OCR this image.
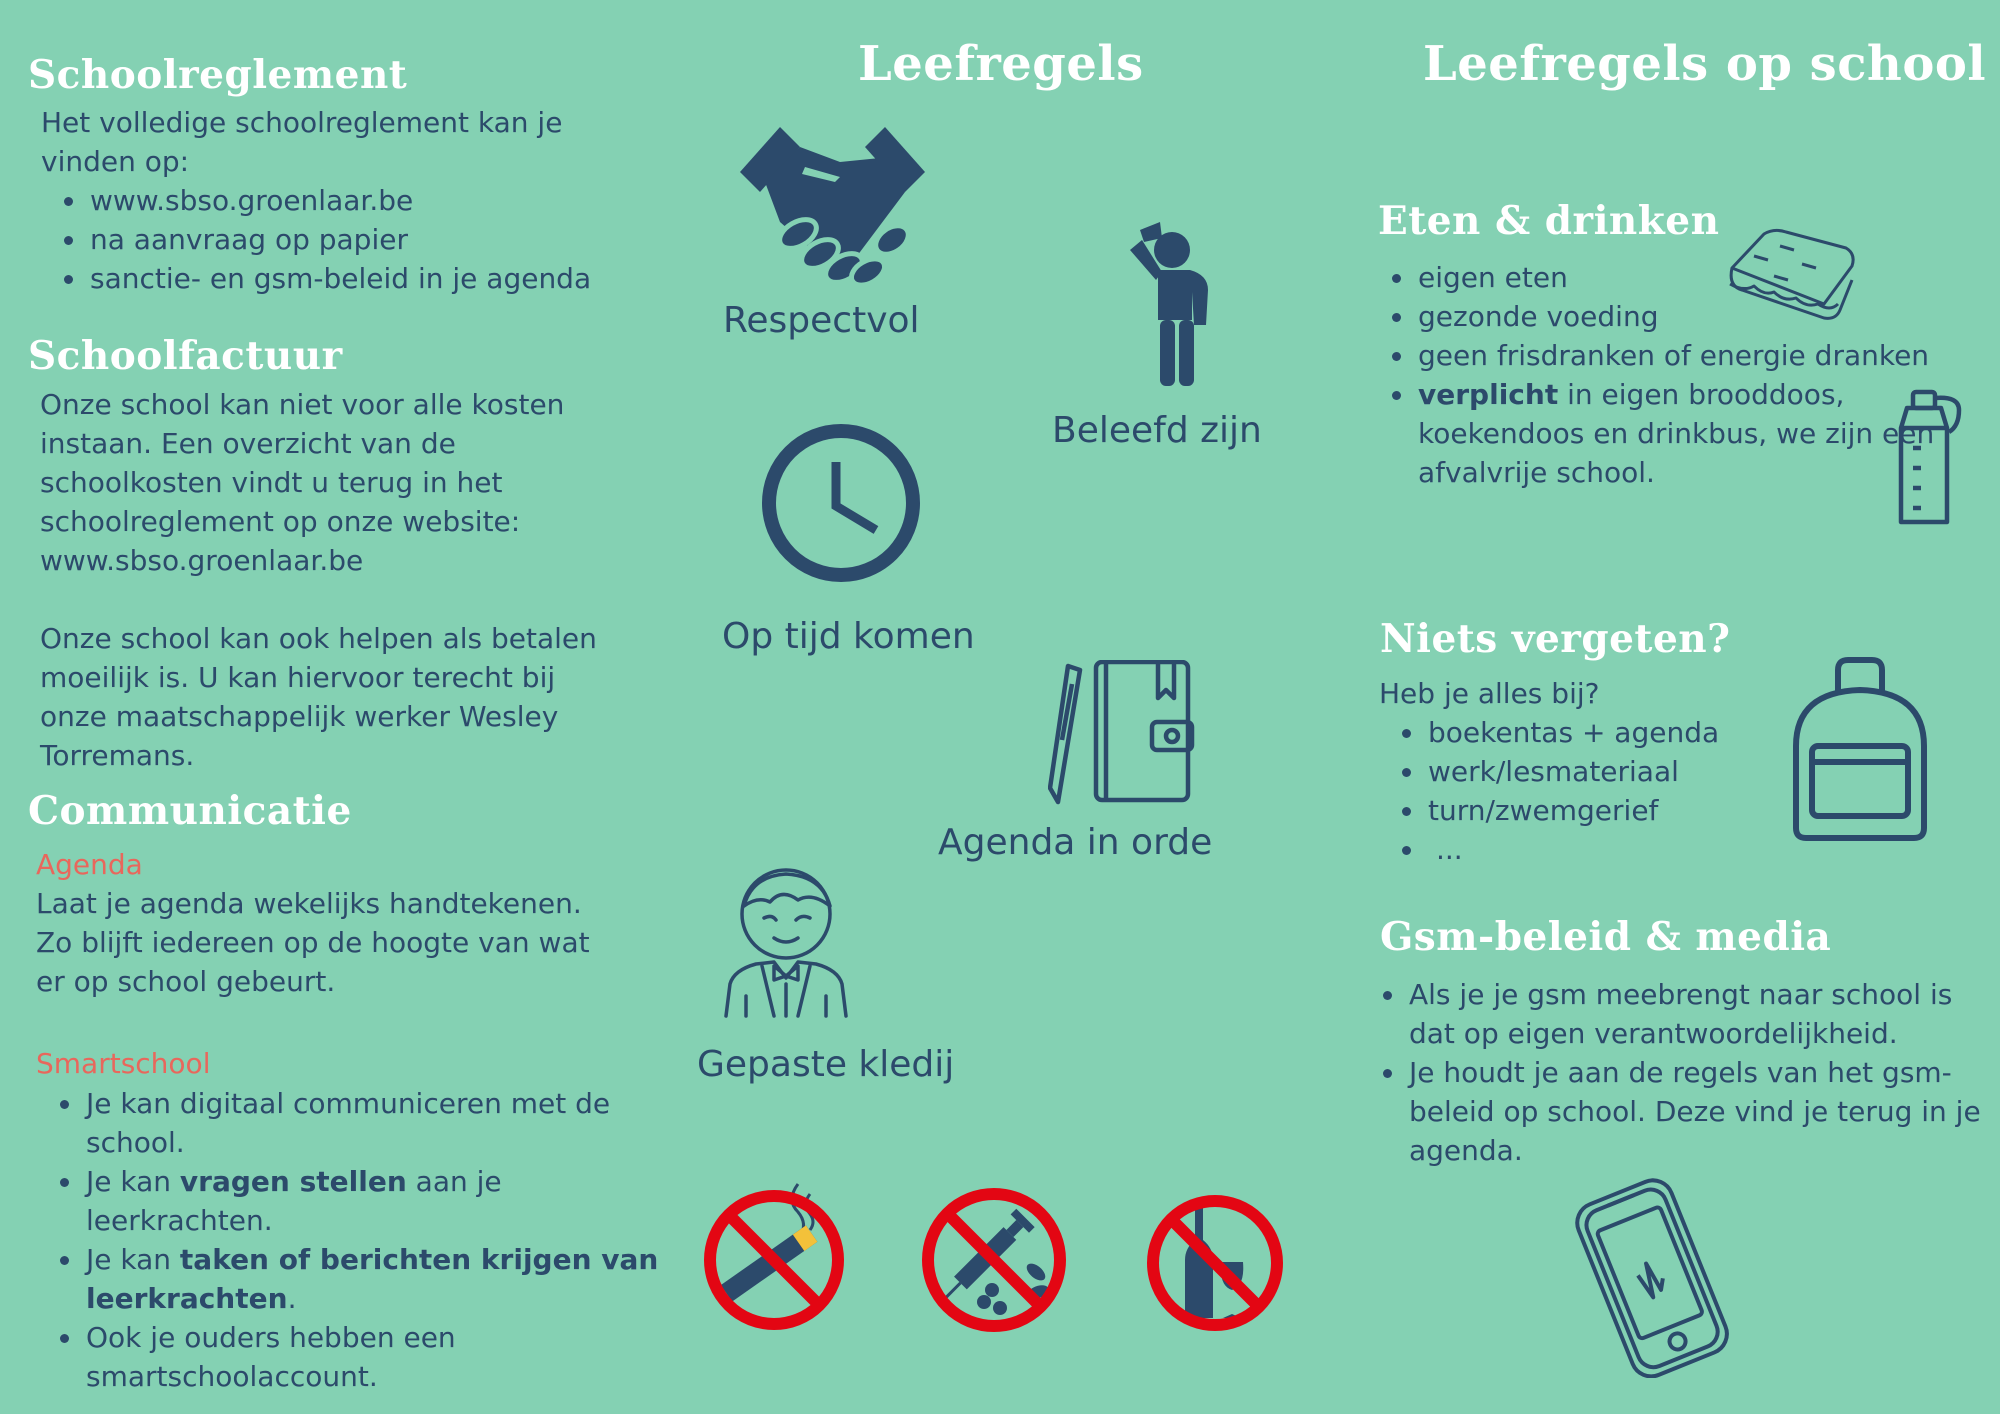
Schoolreglement
Het volledige schoolreglement kan je
vinden op:
• www.sbso.groenlaar.be
• na aanvraag op papier
• sanctie- en gsm-beleid in je agenda
Schoolfactuur
Onze school kan niet voor alle kosten
instaan. Een overzicht van de
schoolkosten vindt u terug in het
schoolreglement op onze website:
www.sbso.groenlaar.be
Onze school kan ook helpen als betalen
moeilijk is. U kan hiervoor terecht bij
onze maatschappelijk werker Wesley
Torremans.
Communicatie
Agenda
Laat je agenda wekelijks handtekenen.
Zo blijft iedereen op de hoogte van wat
er op school gebeurt.
Smartschool
• Je kan digitaal communiceren met de school.
• Je kan vragen stellen aan je leerkrachten.
• Je kan taken of berichten krijgen van leerkrachten.
• Ook je ouders hebben een smartschoolaccount.
Leefregels
Respectvol
Beleefd zijn
Op tijd komen
Agenda in orde
Gepaste kledij
Leefregels op school
Eten & drinken
• eigen eten
• gezonde voeding
• geen frisdranken of energie dranken
• verplicht in eigen brooddoos, koekendoos en drinkbus, we zijn een afvalvrije school.
Niets vergeten?
Heb je alles bij?
• boekentas + agenda
• werk/lesmateriaal
• turn/zwemgerief
• ...
Gsm-beleid & media
• Als je je gsm meebrengt naar school is dat op eigen verantwoordelijkheid.
• Je houdt je aan de regels van het gsm-beleid op school. Deze vind je terug in je agenda.
